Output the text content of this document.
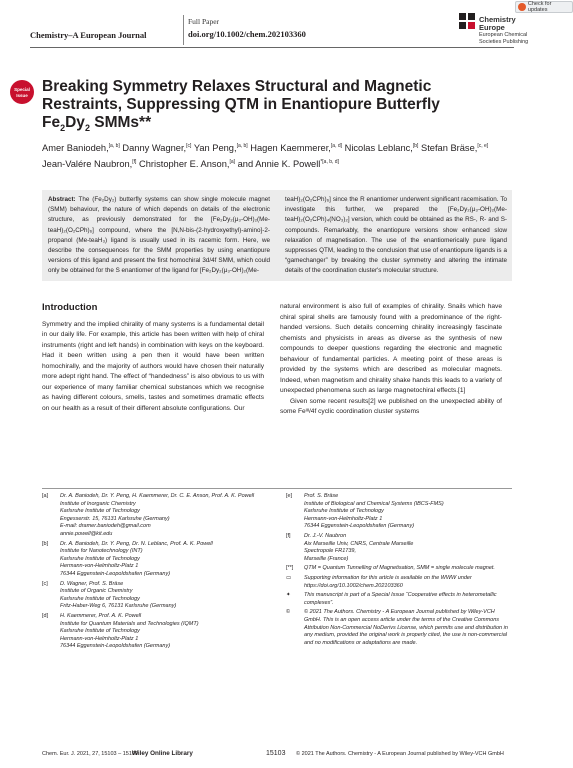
Chemistry–A European Journal
Full Paper
doi.org/10.1002/chem.202103360
Chemistry
Europe
European Chemical Societies Publishing
Check for updates
Special Issue Breaking Symmetry Relaxes Structural and Magnetic
Restraints, Suppressing QTM in Enantiopure Butterfly
$Fe_2Dy_2$ SMMs**
Amer Baniodeh,[a, b] Danny Wagner,[c] Yan Peng,[a, b] Hagen Kaemmerer,[a, d] Nicolas Leblanc,[b] Stefan Bräse,[c, e] Jean-Valére Naubron,[f] Christopher E. Anson,[a] and Annie K. Powell$^{*[a, b, d]}$
Abstract: The (Fe₂Dy₂) butterfly systems can show single molecule magnet (SMM) behaviour, the nature of which depends on details of the electronic structure, as previously demonstrated for the [Fe₂Dy₂(μ₃-OH)₂(Me-teaH)₂(O₂CPh)₆] compound, where the [N,N-bis-(2-hydroxyethyl)-amino]-2-propanol (Me-teaH₃) ligand is usually used in its racemic form. Here, we describe the consequences for the SMM properties by using enantiopure versions of this ligand and present the first homochiral 3d/4f SMM, which could only be obtained for the S enantiomer of the ligand for [Fe₂Dy₂(μ₃-OH)₂(Me-
teaH)₂(O₂CPh)₆] since the R enantiomer underwent significant racemisation. To investigate this further, we prepared the [Fe₂Dy₂(μ₃-OH)₂(Me-teaH)₂(O₂CPh)₄(NO₃)₂] version, which could be obtained as the RS-, R- and S-compounds. Remarkably, the enantiopure versions show enhanced slow relaxation of magnetisation. The use of the enantiomerically pure ligand suppresses QTM, leading to the conclusion that use of enantiopure ligands is a “gamechanger” by breaking the cluster symmetry and altering the intimate details of the coordination cluster's molecular structure.
Introduction

Symmetry and the implied chirality of many systems is a fundamental detail in our daily life. For example, this article has been written with help of chiral instruments (right and left hands) in combination with keys on the keyboard. Had it been written using a pen then it would have been written homochirally, and the majority of authors would have chosen their naturally more adept right hand. The effect of “handedness” is also obvious to us with our experience of many familiar chemical substances which we recognise as having different colours, smells, tastes and sometimes dramatic effects on our health as a result of their different absolute configurations. Our

natural environment is also full of examples of chirality. Snails which have chiral spiral shells are famously found with a predominance of the right-handed versions. Such details concerning chirality increasingly fascinate chemists and physicists in areas as diverse as the synthesis of new compounds to deeper questions regarding the electronic and magnetic behaviour of fundamental particles. A meeting point of these areas is provided by the systems which are described as molecular magnets. Indeed, when magnetism and chirality shake hands this leads to a variety of unexpected phenomena such as large magnetochiral effects.[1]

Given some recent results[2] we published on the unexpected ability of some Feᴵᴵᴵ/4f cyclic coordination cluster systems

[a] Dr. A. Baniodeh, Dr. Y. Peng, H. Kaemmerer, Dr. C. E. Anson, Prof. A. K. Powell
Institute of Inorganic Chemistry
Karlsruhe Institute of Technology
Engesserstr. 15, 76131 Karlsruhe (Germany)
E-mail: dramer.baniodeh@gmail.com
annie.powell@kit.edu
[b] Dr. A. Baniodeh, Dr. Y. Peng, Dr. N. Leblanc, Prof. A. K. Powell
Institute for Nanotechnology (INT)
Karlsruhe Institute of Technology
Hermann-von-Helmholtz-Platz 1
76344 Eggenstein-Leopoldshafen (Germany)
[c] D. Wagner, Prof. S. Bräse
Institute of Organic Chemistry
Karlsruhe Institute of Technology
Fritz-Haber-Weg 6, 76131 Karlsruhe (Germany)
[d] H. Kaemmerer, Prof. A. K. Powell
Institute for Quantum Materials and Technologies (IQMT)
Karlsruhe Institute of Technology
Hermann-von-Helmholtz-Platz 1
76344 Eggenstein-Leopoldshafen (Germany)
[e] Prof. S. Bräse
Institute of Biological and Chemical Systems (IBCS-FMS)
Karlsruhe Institute of Technology
Hermann-von-Helmholtz-Platz 1
76344 Eggenstein-Leopoldshafen (Germany)
[f] Dr. J.-V. Naubron
Aix Marseille Univ, CNRS, Centrale Marseille
Spectropole FR1739,
Marseille (France)
[**] QTM = Quantum Tunnelling of Magnetisation, SMM = single molecule magnet.
▭ Supporting information for this article is available on the WWW under https://doi.org/10.1002/chem.202103360
✦ This manuscript is part of a Special Issue “Cooperative effects in heterometallic complexes”.
©	© 2021 The Authors. Chemistry - A European Journal published by Wiley-VCH GmbH. This is an open access article under the terms of the Creative Commons Attribution Non-Commercial NoDerivs License, which permits use and distribution in any medium, provided the original work is properly cited, the use is non-commercial and no modifications or adaptations are made.
Chem. Eur. J. 2021, 27, 15103 – 15109
Wiley Online Library	15103 © 2021 The Authors. Chemistry - A European Journal published by Wiley-VCH GmbH
